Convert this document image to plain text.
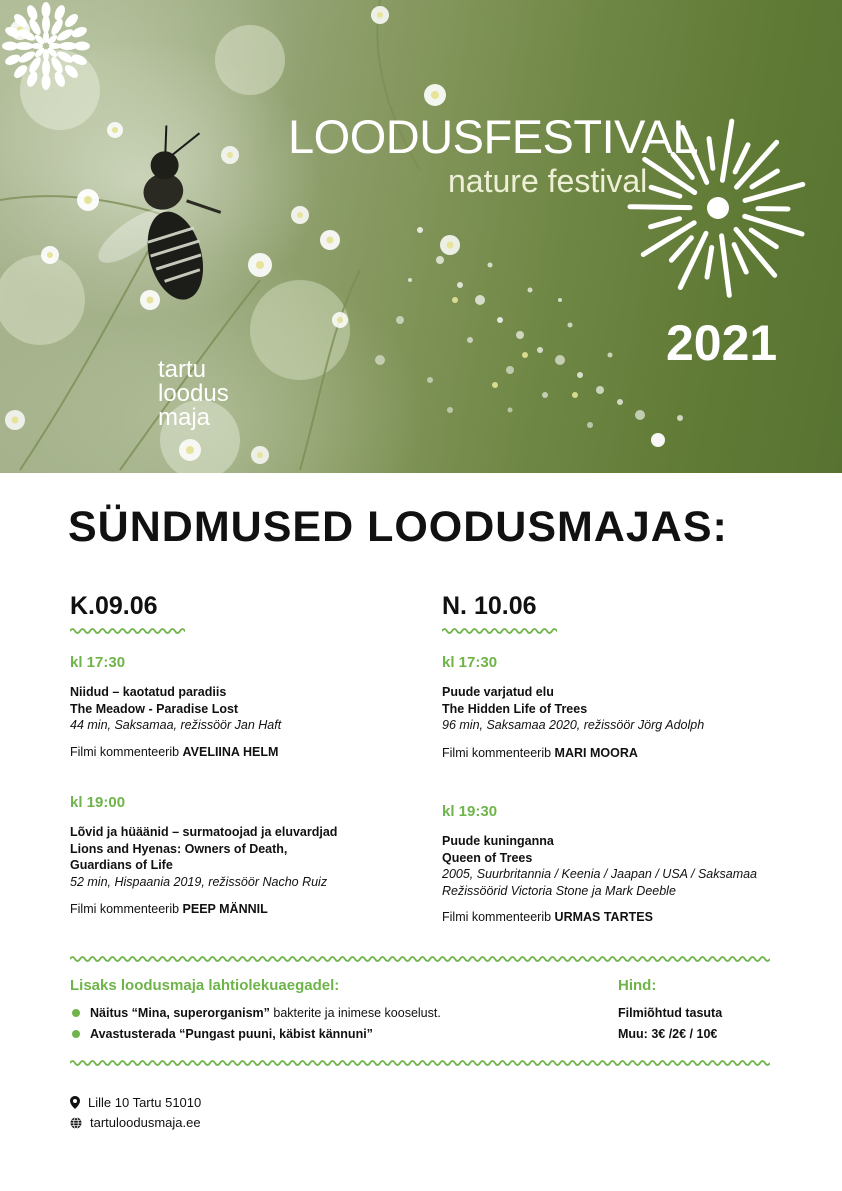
LOODUSFESTIVAL
nature festival
2021
tartu
loodus
maja
SÜNDMUSED LOODUSMAJAS:
K.09.06
kl 17:30
Niidud – kaotatud paradiis
The Meadow - Paradise Lost
44 min, Saksamaa, režissöör Jan Haft
Filmi kommenteerib AVELIINA HELM
kl 19:00
Lõvid ja hüäänid – surmatoojad ja eluvardjad
Lions and Hyenas: Owners of Death,
Guardians of Life
52 min, Hispaania 2019, režissöör Nacho Ruiz
Filmi kommenteerib PEEP MÄNNIL
N. 10.06
kl 17:30
Puude varjatud elu
The Hidden Life of Trees
96 min, Saksamaa 2020, režissöör Jörg Adolph
Filmi kommenteerib MARI MOORA
kl 19:30
Puude kuninganna
Queen of Trees
2005, Suurbritannia / Keenia / Jaapan / USA / Saksamaa
Režissöörid Victoria Stone ja Mark Deeble
Filmi kommenteerib URMAS TARTES
Lisaks loodusmaja lahtiolekuaegadel:
Näitus “Mina, superorganism” bakterite ja inimese kooselust.
Avastusterada “Pungast puuni, käbist kännuni”
Hind:
Filmiõhtud tasuta
Muu: 3€ /2€ / 10€
Lille 10 Tartu 51010
tartuloodusmaja.ee
